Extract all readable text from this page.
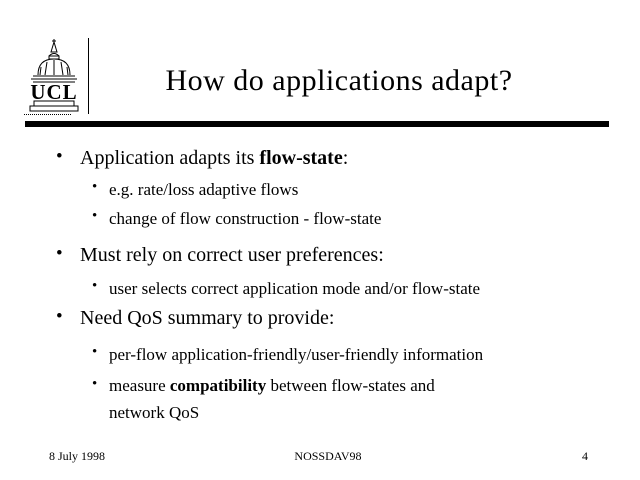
UCL	How do applications adapt?
• Application adapts its flow-state:
• e.g. rate/loss adaptive flows
• change of flow construction - flow-state
• Must rely on correct user preferences:
• user selects correct application mode and/or flow-state
• Need QoS summary to provide:
• per-flow application-friendly/user-friendly information
• measure compatibility between flow-states and
network QoS
8 July 1998	NOSSDAV98	4
